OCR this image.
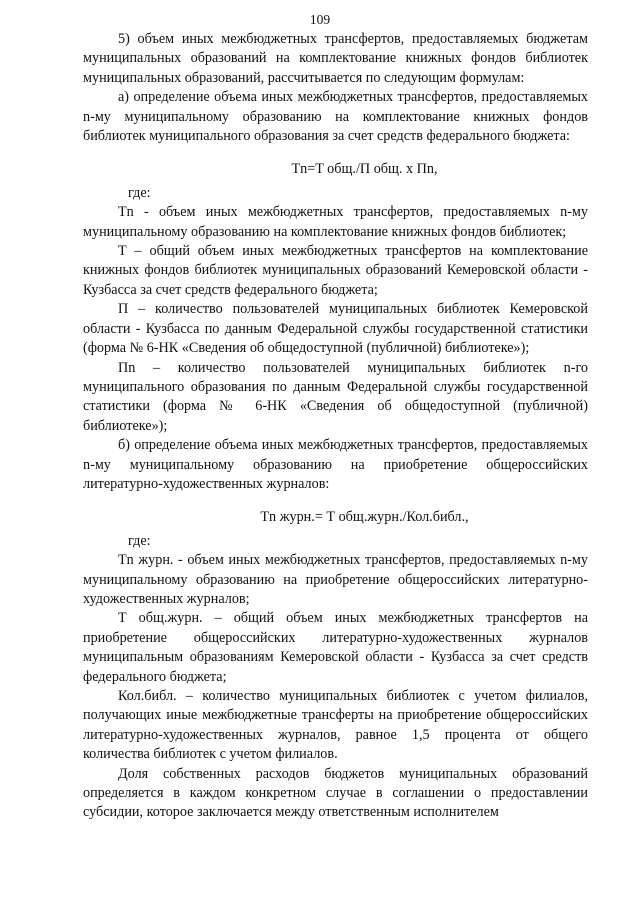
109

5) объем иных межбюджетных трансфертов, предоставляемых бюджетам муниципальных образований на комплектование книжных фондов библиотек муниципальных образований, рассчитывается по следующим формулам:

а) определение объема иных межбюджетных трансфертов, предоставляемых n-му муниципальному образованию на комплектование книжных фондов библиотек муниципального образования за счет средств федерального бюджета:

Tn=T общ./П общ. х Пn,

где:

Tn - объем иных межбюджетных трансфертов, предоставляемых n-му муниципальному образованию на комплектование книжных фондов библиотек;

Т – общий объем иных межбюджетных трансфертов на комплектование книжных фондов библиотек муниципальных образований Кемеровской области - Кузбасса за счет средств федерального бюджета;

П – количество пользователей муниципальных библиотек Кемеровской области - Кузбасса по данным Федеральной службы государственной статистики (форма № 6-НК «Сведения об общедоступной (публичной) библиотеке»);

Пn – количество пользователей муниципальных библиотек n-го муниципального образования по данным Федеральной службы государственной статистики (форма № 6-НК «Сведения об общедоступной (публичной) библиотеке»);

б) определение объема иных межбюджетных трансфертов, предоставляемых n-му муниципальному образованию на приобретение общероссийских литературно-художественных журналов:

Tn журн.= Т общ.журн./Кол.библ.,

где:

Tn журн. - объем иных межбюджетных трансфертов, предоставляемых n-му муниципальному образованию на приобретение общероссийских литературно-художественных журналов;

Т общ.журн. – общий объем иных межбюджетных трансфертов на приобретение общероссийских литературно-художественных журналов муниципальным образованиям Кемеровской области - Кузбасса за счет средств федерального бюджета;

Кол.библ. – количество муниципальных библиотек с учетом филиалов, получающих иные межбюджетные трансферты на приобретение общероссийских литературно-художественных журналов, равное 1,5 процента от общего количества библиотек с учетом филиалов.

Доля собственных расходов бюджетов муниципальных образований определяется в каждом конкретном случае в соглашении о предоставлении субсидии, которое заключается между ответственным исполнителем
